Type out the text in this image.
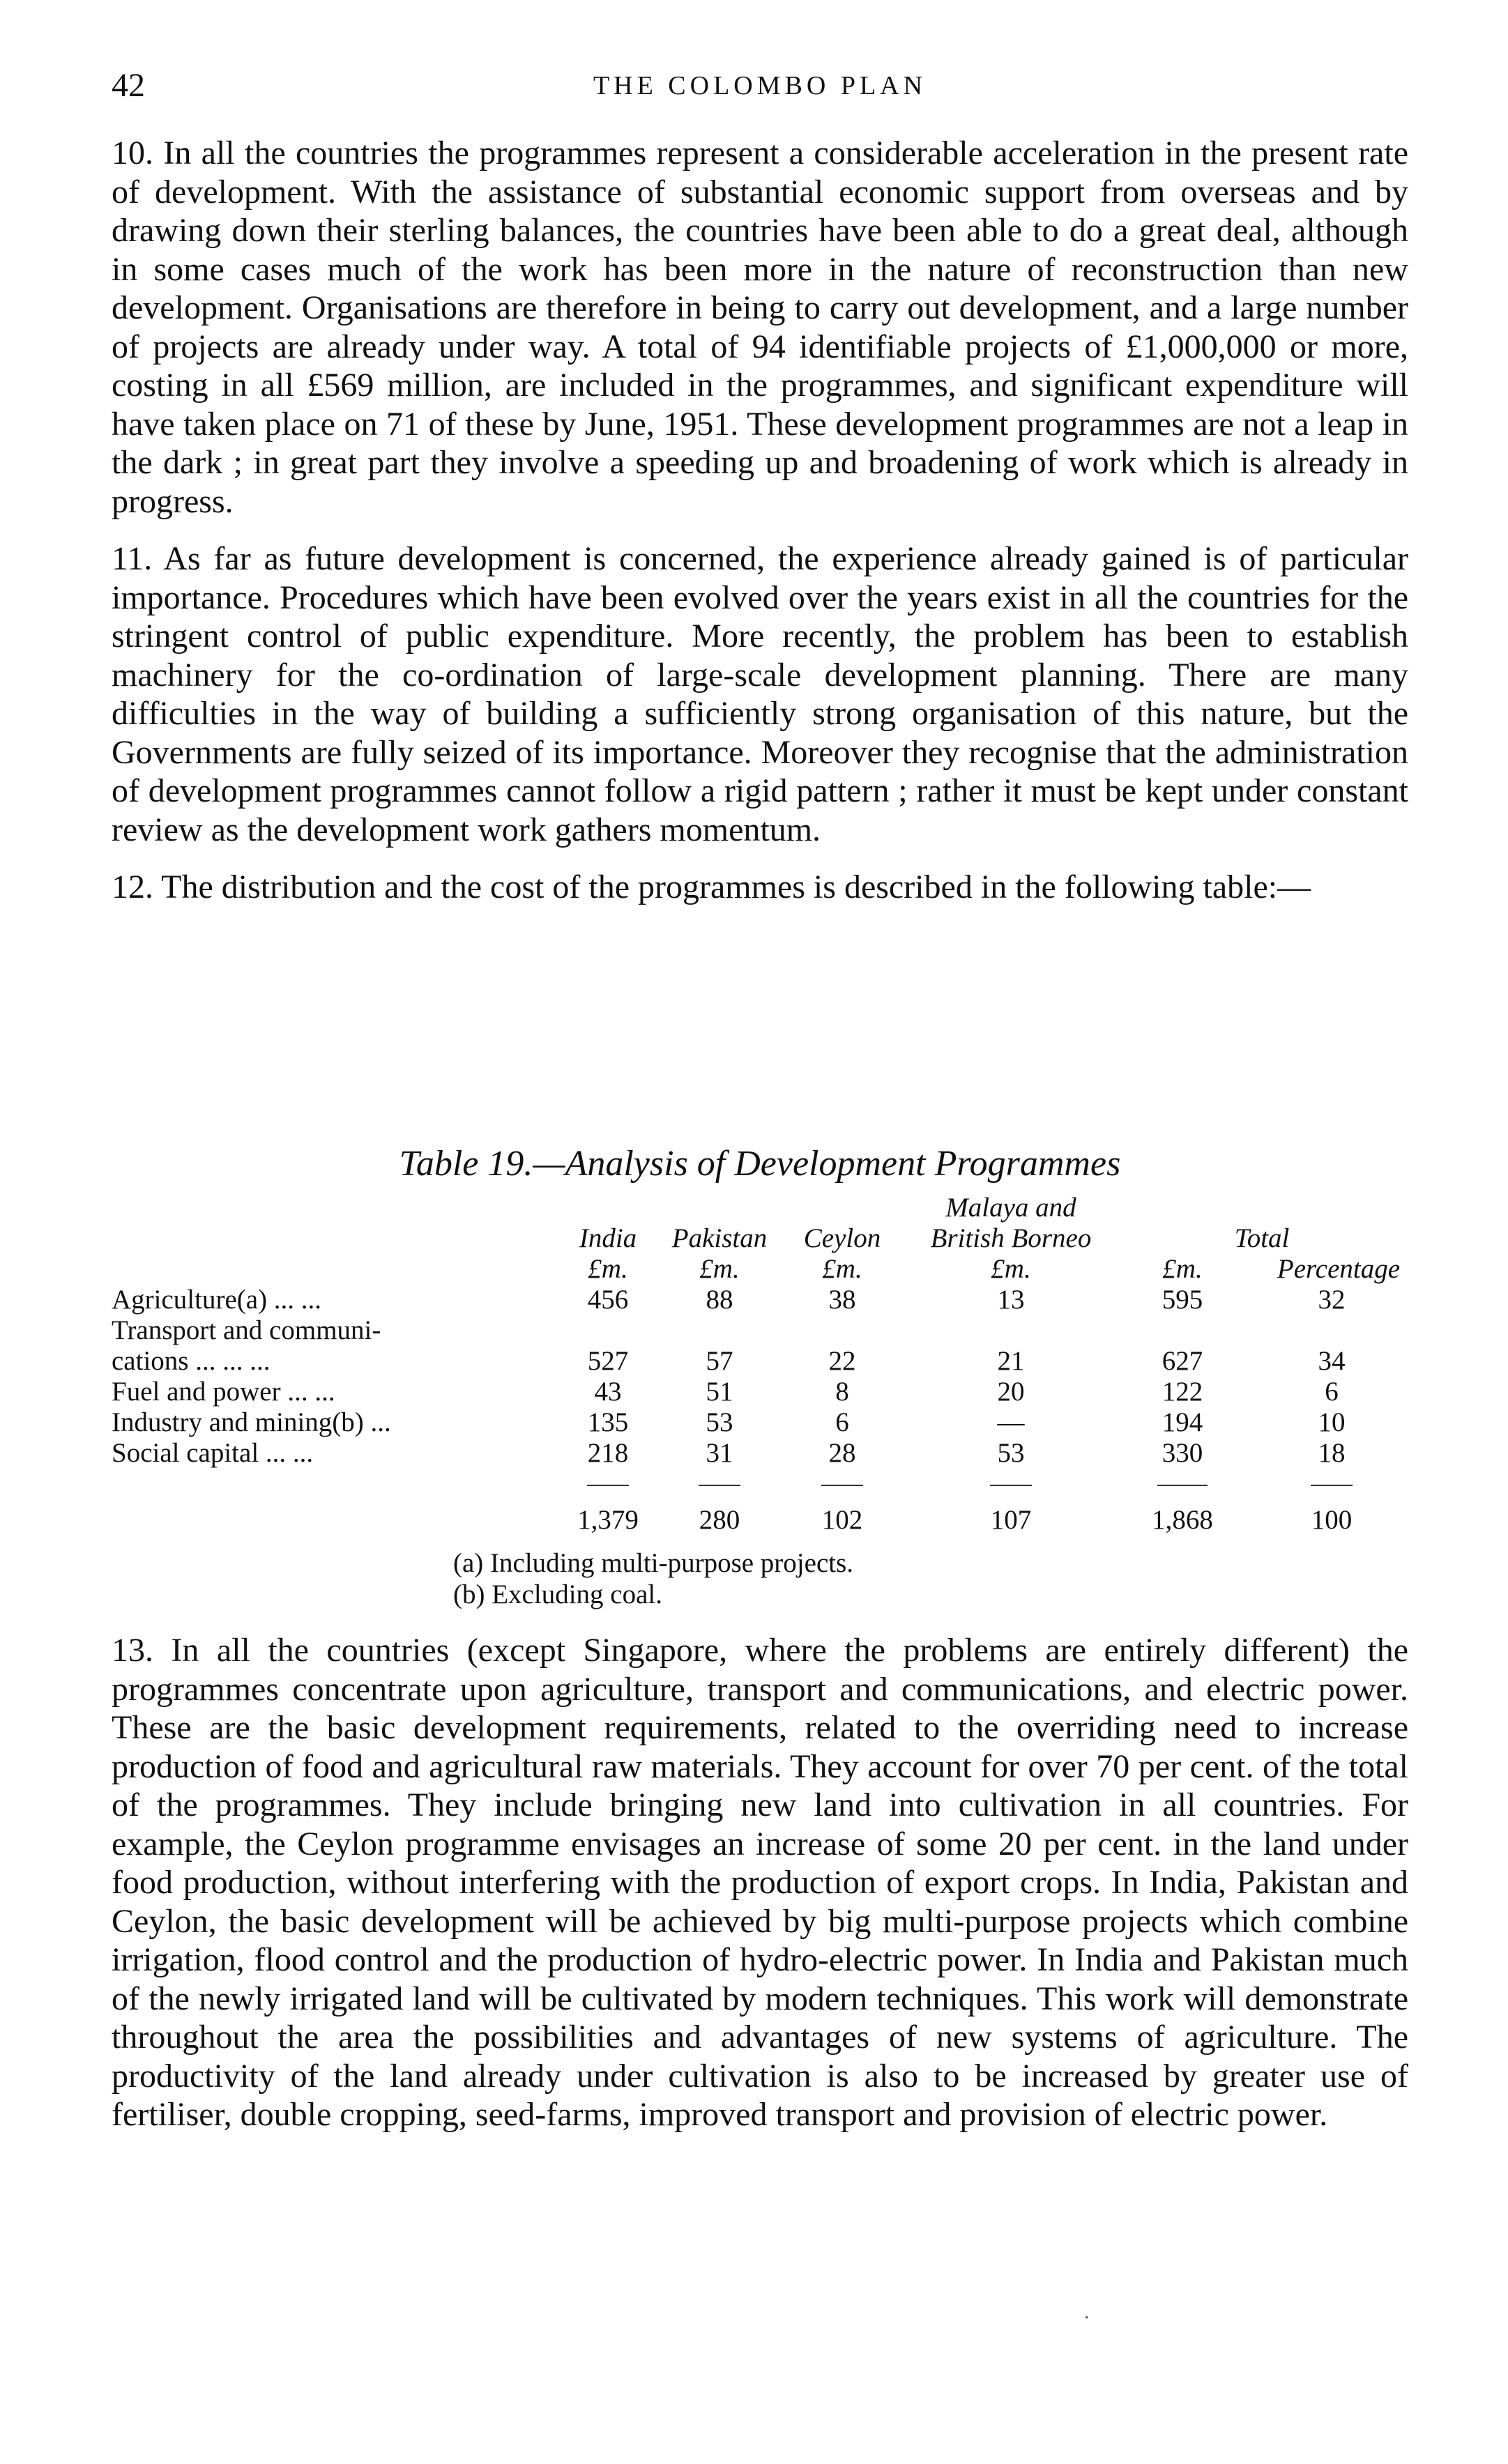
42	THE COLOMBO PLAN

10. In all the countries the programmes represent a considerable acceleration in the present rate of development. With the assistance of substantial economic support from overseas and by drawing down their sterling balances, the countries have been able to do a great deal, although in some cases much of the work has been more in the nature of reconstruction than new development. Organisations are therefore in being to carry out development, and a large number of projects are already under way. A total of 94 identifiable projects of £1,000,000 or more, costing in all £569 million, are included in the programmes, and significant expenditure will have taken place on 71 of these by June, 1951. These development programmes are not a leap in the dark ; in great part they involve a speeding up and broadening of work which is already in progress.

11. As far as future development is concerned, the experience already gained is of particular importance. Procedures which have been evolved over the years exist in all the countries for the stringent control of public expenditure. More recently, the problem has been to establish machinery for the co-ordination of large-scale development planning. There are many difficulties in the way of building a sufficiently strong organisation of this nature, but the Governments are fully seized of its importance. Moreover they recognise that the administration of development programmes cannot follow a rigid pattern ; rather it must be kept under constant review as the development work gathers momentum.

12. The distribution and the cost of the programmes is described in the following table:—

Table 19.—Analysis of Development Programmes
Malaya and
India	Pakistan	Ceylon	British Borneo	Total
£m.	£m.	£m.	£m.	£m.	Percentage
Agriculture(a) ... ...	456	88	38	13	595	32
Transport and communi-
cations ... ... ...	527	57	22	21	627	34
Fuel and power ... ...	43	51	8	20	122	6
Industry and mining(b) ...	135	53	6	—	194	10
Social capital ... ...	218	31	28	53	330	18
1,379	280	102	107	1,868	100
(a) Including multi-purpose projects.
(b) Excluding coal.

13. In all the countries (except Singapore, where the problems are entirely different) the programmes concentrate upon agriculture, transport and communications, and electric power. These are the basic development requirements, related to the overriding need to increase production of food and agricultural raw materials. They account for over 70 per cent. of the total of the programmes. They include bringing new land into cultivation in all countries. For example, the Ceylon programme envisages an increase of some 20 per cent. in the land under food production, without interfering with the production of export crops. In India, Pakistan and Ceylon, the basic development will be achieved by big multi-purpose projects which combine irrigation, flood control and the production of hydro-electric power. In India and Pakistan much of the newly irrigated land will be cultivated by modern techniques. This work will demonstrate throughout the area the possibilities and advantages of new systems of agriculture. The productivity of the land already under cultivation is also to be increased by greater use of fertiliser, double cropping, seed-farms, improved transport and provision of electric power.

.
